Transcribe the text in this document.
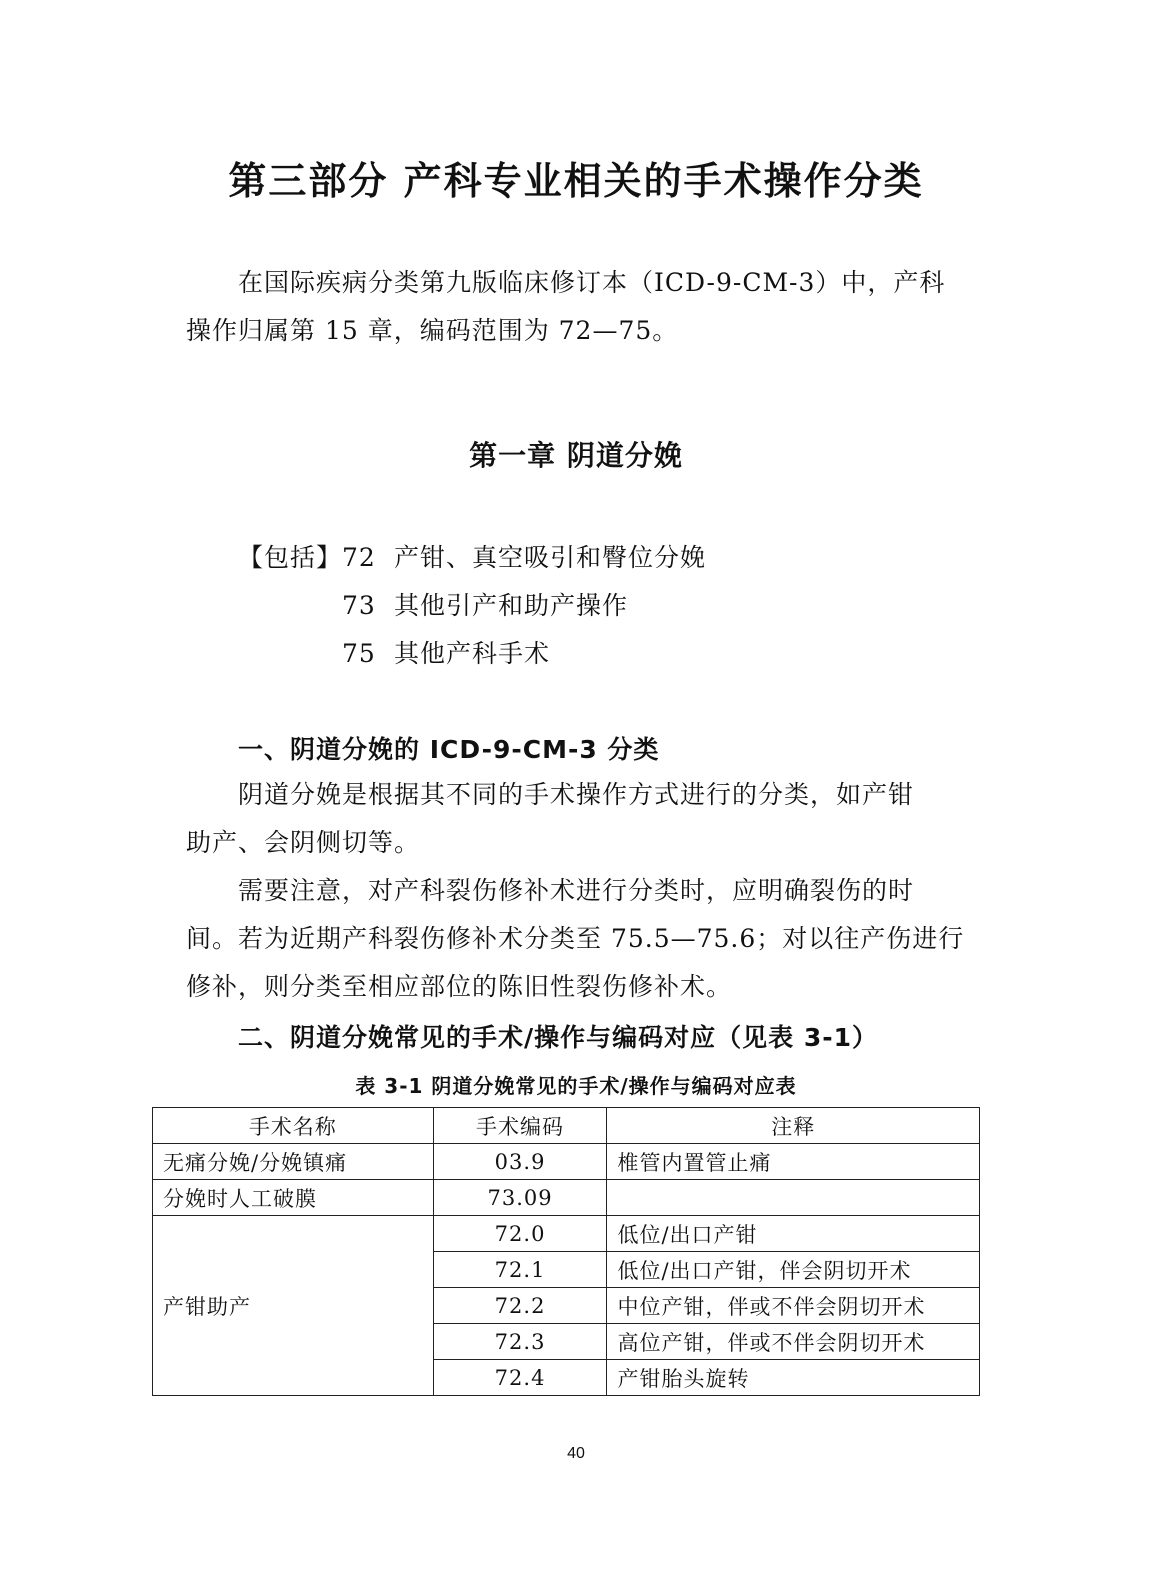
第三部分 产科专业相关的手术操作分类
在国际疾病分类第九版临床修订本（ICD-9-CM-3）中，产科
操作归属第 15 章，编码范围为 72—75。
第一章 阴道分娩
【包括】72 产钳、真空吸引和臀位分娩
73 其他引产和助产操作
75 其他产科手术
一、阴道分娩的 ICD-9-CM-3 分类
阴道分娩是根据其不同的手术操作方式进行的分类，如产钳
助产、会阴侧切等。
需要注意，对产科裂伤修补术进行分类时，应明确裂伤的时
间。若为近期产科裂伤修补术分类至 75.5—75.6；对以往产伤进行
修补，则分类至相应部位的陈旧性裂伤修补术。
二、阴道分娩常见的手术/操作与编码对应（见表 3-1）
表 3-1 阴道分娩常见的手术/操作与编码对应表
手术名称	手术编码	注释
无痛分娩/分娩镇痛	03.9	椎管内置管止痛
分娩时人工破膜	73.09	
产钳助产	72.0	低位/出口产钳
	72.1	低位/出口产钳，伴会阴切开术
	72.2	中位产钳，伴或不伴会阴切开术
	72.3	高位产钳，伴或不伴会阴切开术
	72.4	产钳胎头旋转
40
